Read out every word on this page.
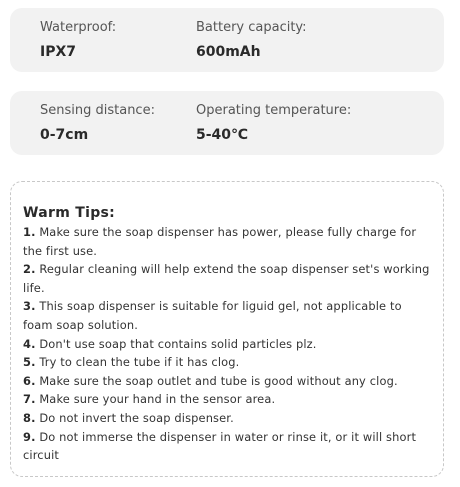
Waterproof:
IPX7
Battery capacity:
600mAh
Sensing distance:
0-7cm
Operating temperature:
5-40℃
Warm Tips:
1. Make sure the soap dispenser has power, please fully charge for the first use.
2. Regular cleaning will help extend the soap dispenser set's working life.
3. This soap dispenser is suitable for liguid gel, not applicable to foam soap solution.
4. Don't use soap that contains solid particles plz.
5. Try to clean the tube if it has clog.
6. Make sure the soap outlet and tube is good without any clog.
7. Make sure your hand in the sensor area.
8. Do not invert the soap dispenser.
9. Do not immerse the dispenser in water or rinse it, or it will short circuit
